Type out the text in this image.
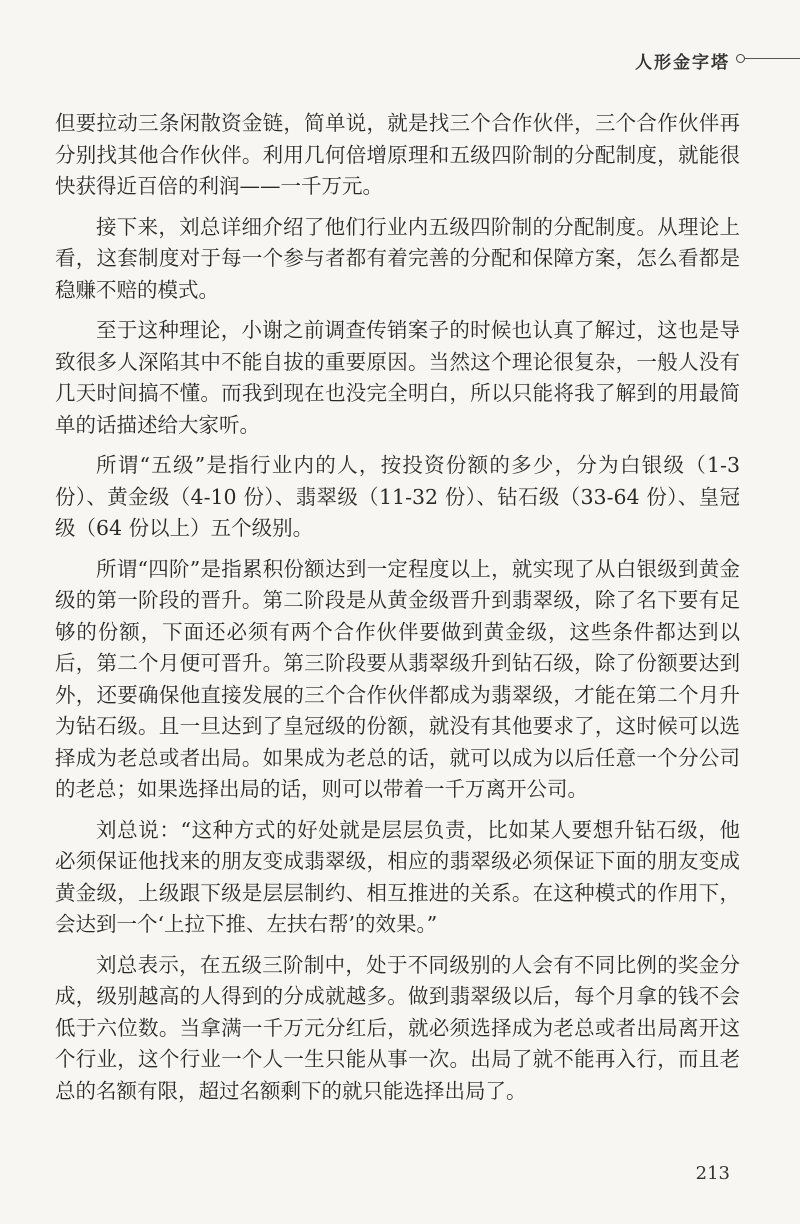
人形金字塔

但要拉动三条闲散资金链，简单说，就是找三个合作伙伴，三个合作伙伴再分别找其他合作伙伴。利用几何倍增原理和五级四阶制的分配制度，就能很快获得近百倍的利润——一千万元。

接下来，刘总详细介绍了他们行业内五级四阶制的分配制度。从理论上看，这套制度对于每一个参与者都有着完善的分配和保障方案，怎么看都是稳赚不赔的模式。

至于这种理论，小谢之前调查传销案子的时候也认真了解过，这也是导致很多人深陷其中不能自拔的重要原因。当然这个理论很复杂，一般人没有几天时间搞不懂。而我到现在也没完全明白，所以只能将我了解到的用最简单的话描述给大家听。

所谓“五级”是指行业内的人，按投资份额的多少，分为白银级（1-3 份）、黄金级（4-10 份）、翡翠级（11-32 份）、钻石级（33-64 份）、皇冠级（64 份以上）五个级别。

所谓“四阶”是指累积份额达到一定程度以上，就实现了从白银级到黄金级的第一阶段的晋升。第二阶段是从黄金级晋升到翡翠级，除了名下要有足够的份额，下面还必须有两个合作伙伴要做到黄金级，这些条件都达到以后，第二个月便可晋升。第三阶段要从翡翠级升到钻石级，除了份额要达到外，还要确保他直接发展的三个合作伙伴都成为翡翠级，才能在第二个月升为钻石级。且一旦达到了皇冠级的份额，就没有其他要求了，这时候可以选择成为老总或者出局。如果成为老总的话，就可以成为以后任意一个分公司的老总；如果选择出局的话，则可以带着一千万离开公司。

刘总说：“这种方式的好处就是层层负责，比如某人要想升钻石级，他必须保证他找来的朋友变成翡翠级，相应的翡翠级必须保证下面的朋友变成黄金级，上级跟下级是层层制约、相互推进的关系。在这种模式的作用下，会达到一个‘上拉下推、左扶右帮’的效果。”

刘总表示，在五级三阶制中，处于不同级别的人会有不同比例的奖金分成，级别越高的人得到的分成就越多。做到翡翠级以后，每个月拿的钱不会低于六位数。当拿满一千万元分红后，就必须选择成为老总或者出局离开这个行业，这个行业一个人一生只能从事一次。出局了就不能再入行，而且老总的名额有限，超过名额剩下的就只能选择出局了。

213
